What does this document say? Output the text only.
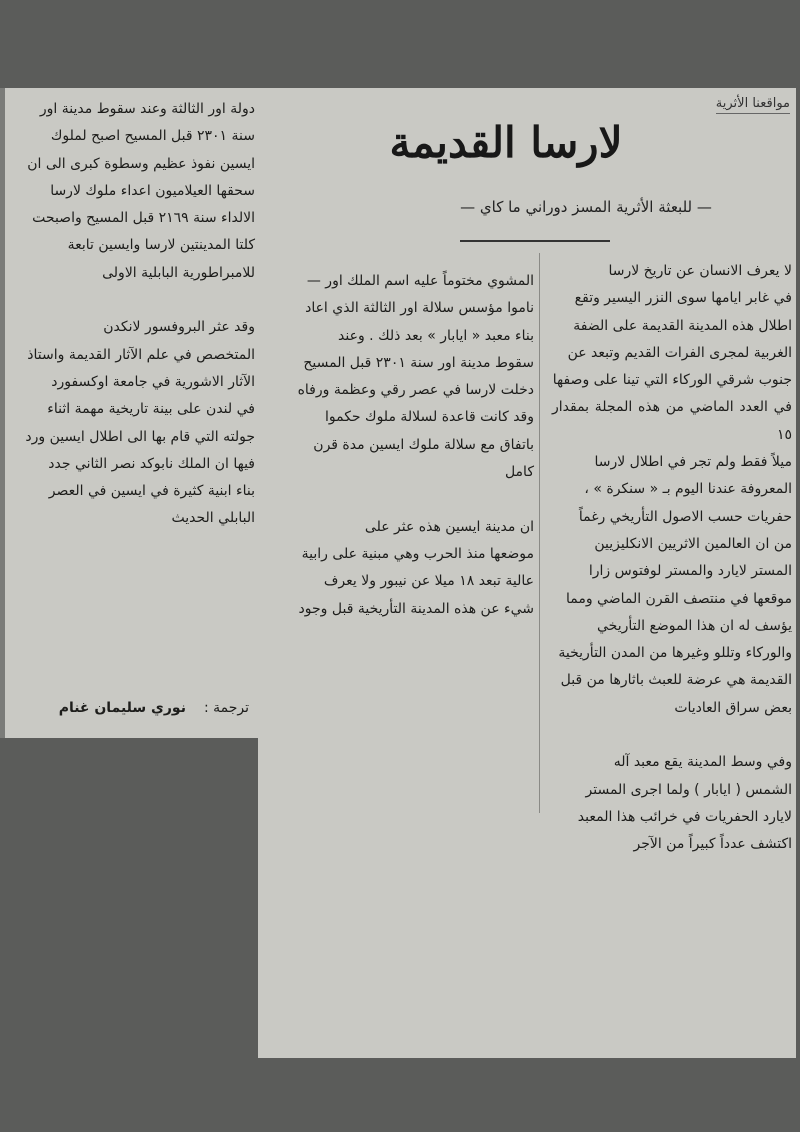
دولة اور الثالثة وعند سقوط مدينة اور
سنة ٢٣٠١ قبل المسيح اصبح لملوك
ايسين نفوذ عظيم وسطوة كبرى الى ان
سحقها العيلاميون اعداء ملوك لارسا
الالداء سنة ٢١٦٩ قبل المسيح واصبحت
كلتا المدينتين لارسا وايسين تابعة
للامبراطورية البابلية الاولى

وقد عثر البروفسور لانكدن
المتخصص في علم الآثار القديمة واستاذ
الآثار الاشورية في جامعة اوكسفورد
في لندن على بينة تاريخية مهمة اثناء
جولته التي قام بها الى اطلال ايسين ورد
فيها ان الملك نابوكد نصر الثاني جدد
بناء ابنية كثيرة في ايسين في العصر
البابلي الحديث

ترجمة :
نوري سليمان غنام
مواقعنا الأثرية
لارسا القديمة
— للبعثة الأثرية المسز دوراني ما كاي —

لا يعرف الانسان عن تاريخ لارسا
في غابر ايامها سوى النزر اليسير وتقع
اطلال هذه المدينة القديمة على الضفة
الغربية لمجرى الفرات القديم وتبعد عن
جنوب شرقي الوركاء التي تينا على وصفها
في العدد الماضي من هذه المجلة بمقدار ١٥
ميلاً فقط ولم تجر في اطلال لارسا
المعروفة عندنا اليوم بـ « سنكرة » ،
حفريات حسب الاصول التأريخي رغماً
من ان العالمين الاثريين الانكليزيين
المستر لايارد والمستر لوفتوس زارا
موقعها في منتصف القرن الماضي ومما
يؤسف له ان هذا الموضع التأريخي
والوركاء وتللو وغيرها من المدن التأريخية
القديمة هي عرضة للعبث باثارها من قبل
بعض سراق العاديات

وفي وسط المدينة يقع معبد آله
الشمس ( ايابار ) ولما اجرى المستر
لايارد الحفريات في خرائب هذا المعبد
اكتشف عدداً كبيراً من الآجر

المشوي مختوماً عليه اسم الملك اور —
ناموا مؤسس سلالة اور الثالثة الذي اعاد
بناء معبد « ايابار » بعد ذلك . وعند
سقوط مدينة اور سنة ٢٣٠١ قبل المسيح
دخلت لارسا في عصر رقي وعظمة ورفاه
وقد كانت قاعدة لسلالة ملوك حكموا
باتفاق مع سلالة ملوك ايسين مدة قرن
كامل

ان مدينة ايسين هذه عثر على
موضعها منذ الحرب وهي مبنية على رابية
عالية تبعد ١٨ ميلا عن نيبور ولا يعرف
شيء عن هذه المدينة التأريخية قبل وجود
